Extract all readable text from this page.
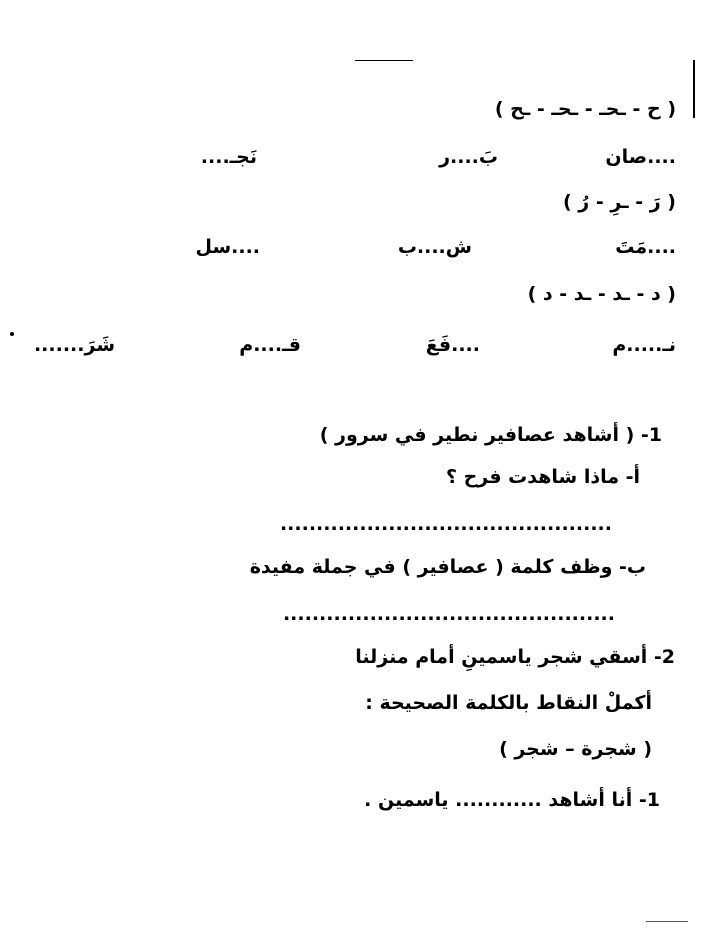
( ح - ـحـ - ـحـ - ـح )
....صان
بَ....ر
نَجـ....
( رَ - ـرِ - رُ )
....مَتَ
ش....ب
....سل
( د - ـد - ـد - د )
نـ.....م
....فَعَ
قـ....م
شَرَ.......
1- ( أشاهد عصافير نطير في سرور )
أ- ماذا شاهدت فرح ؟
..............................................
ب- وظف كلمة ( عصافير ) في جملة مفيدة
..............................................
2- أسقي شجر ياسمينِ أمام منزلنا
أكملْ النقاط بالكلمة الصحيحة :
( شجرة – شجر )
1- أنا أشاهد ............ ياسمين .
